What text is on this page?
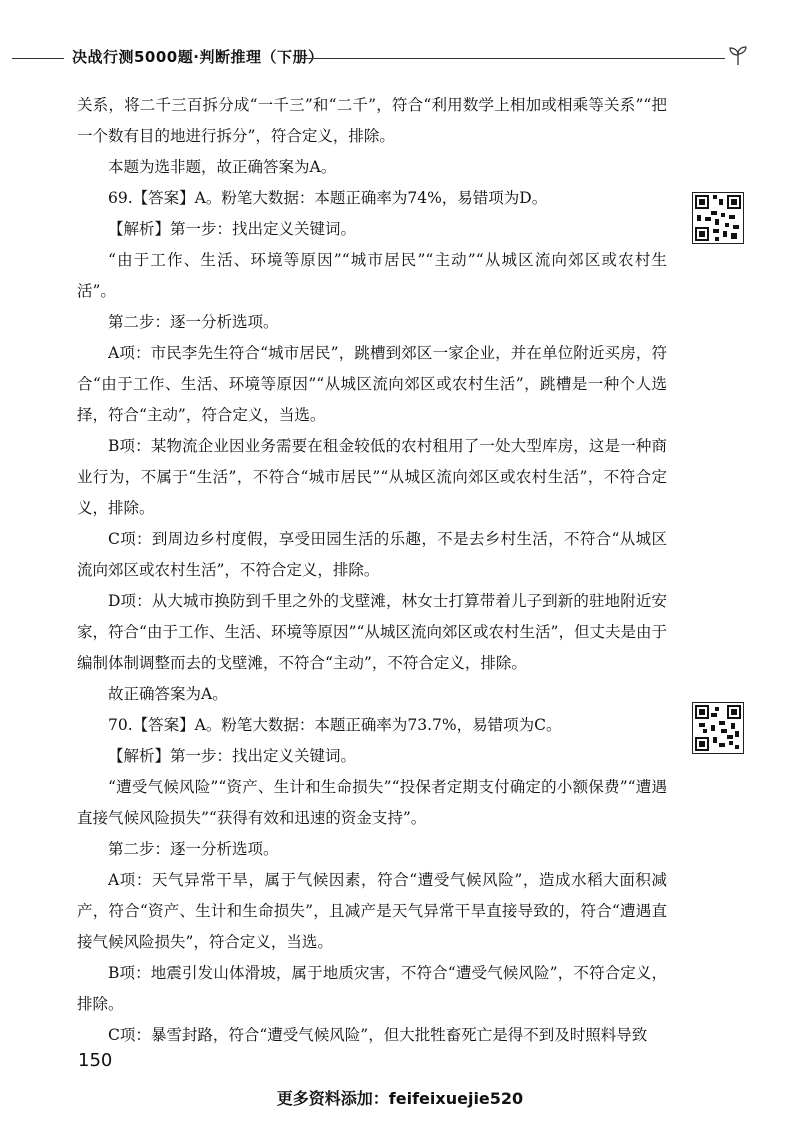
决战行测5000题·判断推理（下册）

关系，将二千三百拆分成“一千三”和“二千”，符合“利用数学上相加或相乘等关系”“把一个数有目的地进行拆分”，符合定义，排除。

本题为选非题，故正确答案为A。

69.【答案】A。粉笔大数据：本题正确率为74%，易错项为D。

【解析】第一步：找出定义关键词。

“由于工作、生活、环境等原因”“城市居民”“主动”“从城区流向郊区或农村生活”。

第二步：逐一分析选项。

A项：市民李先生符合“城市居民”，跳槽到郊区一家企业，并在单位附近买房，符合“由于工作、生活、环境等原因”“从城区流向郊区或农村生活”，跳槽是一种个人选择，符合“主动”，符合定义，当选。

B项：某物流企业因业务需要在租金较低的农村租用了一处大型库房，这是一种商业行为，不属于“生活”，不符合“城市居民”“从城区流向郊区或农村生活”，不符合定义，排除。

C项：到周边乡村度假，享受田园生活的乐趣，不是去乡村生活，不符合“从城区流向郊区或农村生活”，不符合定义，排除。

D项：从大城市换防到千里之外的戈壁滩，林女士打算带着儿子到新的驻地附近安家，符合“由于工作、生活、环境等原因”“从城区流向郊区或农村生活”，但丈夫是由于编制体制调整而去的戈壁滩，不符合“主动”，不符合定义，排除。

故正确答案为A。

70.【答案】A。粉笔大数据：本题正确率为73.7%，易错项为C。

【解析】第一步：找出定义关键词。

“遭受气候风险”“资产、生计和生命损失”“投保者定期支付确定的小额保费”“遭遇直接气候风险损失”“获得有效和迅速的资金支持”。

第二步：逐一分析选项。

A项：天气异常干旱，属于气候因素，符合“遭受气候风险”，造成水稻大面积减产，符合“资产、生计和生命损失”，且减产是天气异常干旱直接导致的，符合“遭遇直接气候风险损失”，符合定义，当选。

B项：地震引发山体滑坡，属于地质灾害，不符合“遭受气候风险”，不符合定义，排除。

C项：暴雪封路，符合“遭受气候风险”，但大批牲畜死亡是得不到及时照料导致

150
更多资料添加：feifeixuejie520
